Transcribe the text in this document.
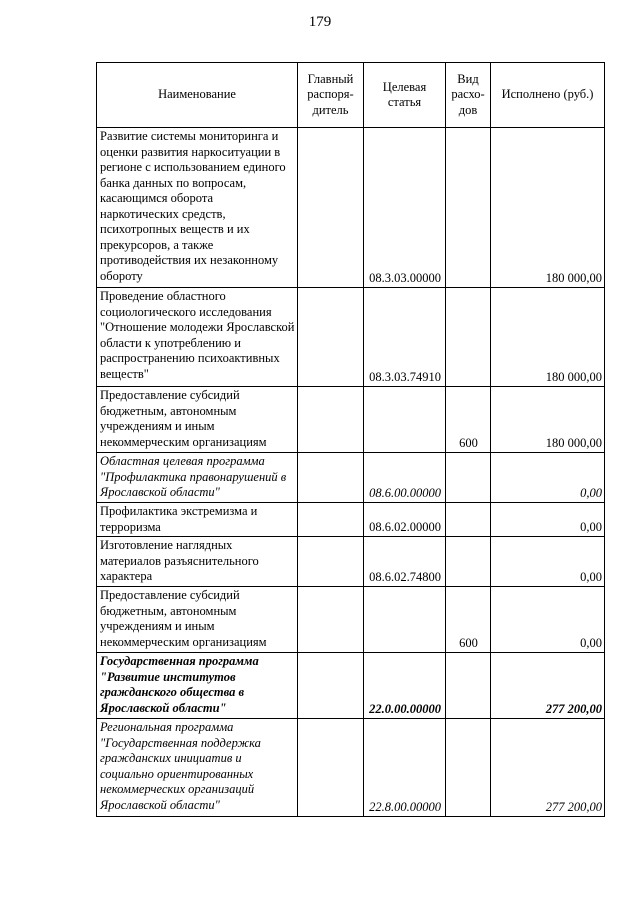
179
Наименование	Главный распоря-дитель	Целевая статья	Вид расхо-дов	Исполнено (руб.)
Развитие системы мониторинга и оценки развития наркоситуации в регионе с использованием единого банка данных по вопросам, касающимся оборота наркотических средств, психотропных веществ и их прекурсоров, а также противодействия их незаконному обороту		08.3.03.00000		180 000,00
Проведение областного социологического исследования "Отношение молодежи Ярославской области к употреблению и распространению психоактивных веществ"		08.3.03.74910		180 000,00
Предоставление субсидий бюджетным, автономным учреждениям и иным некоммерческим организациям			600	180 000,00
Областная целевая программа "Профилактика правонарушений в Ярославской области"		08.6.00.00000		0,00
Профилактика экстремизма и терроризма		08.6.02.00000		0,00
Изготовление наглядных материалов разъяснительного характера		08.6.02.74800		0,00
Предоставление субсидий бюджетным, автономным учреждениям и иным некоммерческим организациям			600	0,00
Государственная программа "Развитие институтов гражданского общества в Ярославской области"		22.0.00.00000		277 200,00
Региональная программа "Государственная поддержка гражданских инициатив и социально ориентированных некоммерческих организаций Ярославской области"		22.8.00.00000		277 200,00
